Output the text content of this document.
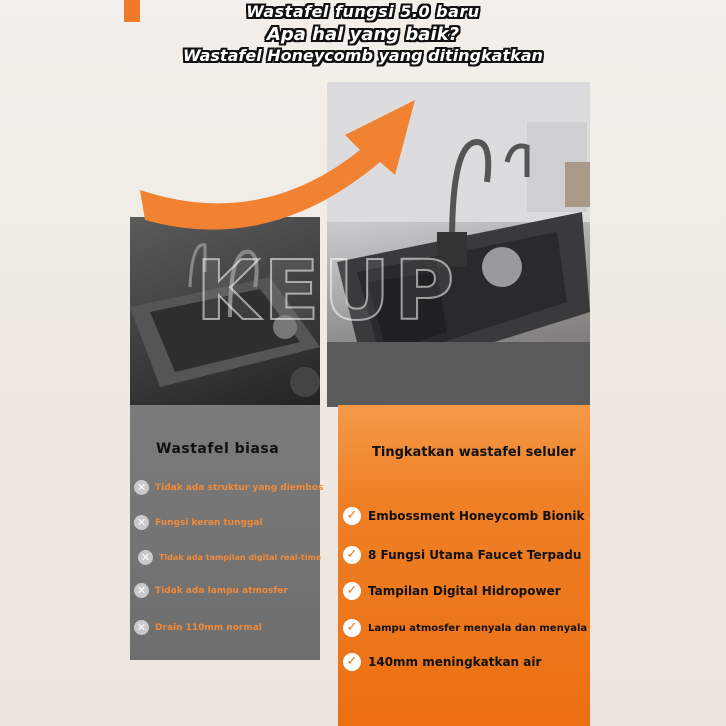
Wastafel fungsi 5.0 baru
Apa hal yang baik?
Wastafel Honeycomb yang ditingkatkan
KEUP
Wastafel biasa
✕ Tidak ada struktur yang diembos
✕ Fungsi keran tunggal
✕	Tidak ada tampilan digital real-time
✕ Tidak ada lampu atmosfer
✕ Drain 110mm normal
Tingkatkan wastafel seluler
✓ Embossment Honeycomb Bionik
✓ 8 Fungsi Utama Faucet Terpadu
✓ Tampilan Digital Hidropower
✓	Lampu atmosfer menyala dan menyala
✓ 140mm meningkatkan air
